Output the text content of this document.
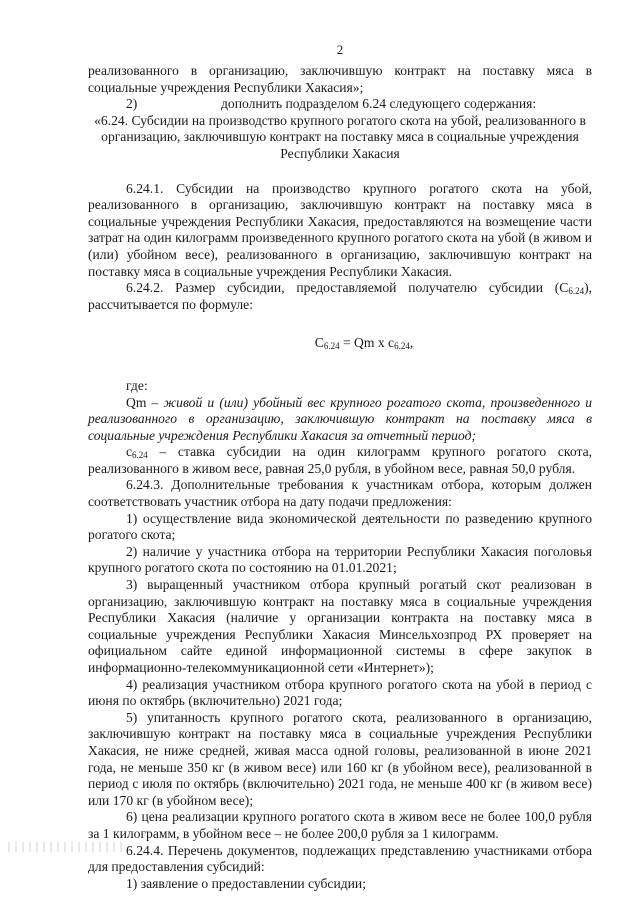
2

реализованного в организацию, заключившую контракт на поставку мяса в социальные учреждения Республики Хакасия»;

2)	дополнить подразделом 6.24 следующего содержания:

«6.24. Субсидии на производство крупного рогатого скота на убой, реализованного в организацию, заключившую контракт на поставку мяса в социальные учреждения Республики Хакасия

6.24.1. Субсидии на производство крупного рогатого скота на убой, реализованного в организацию, заключившую контракт на поставку мяса в социальные учреждения Республики Хакасия, предоставляются на возмещение части затрат на один килограмм произведенного крупного рогатого скота на убой (в живом и (или) убойном весе), реализованного в организацию, заключившую контракт на поставку мяса в социальные учреждения Республики Хакасия.

6.24.2. Размер субсидии, предоставляемой получателю субсидии $(С_{6.24})$, рассчитывается по формуле:

$С_{6.24} = Qm$ x $c_{6.24}$,

где:

Qm – живой и (или) убойный вес крупного рогатого скота, произведенного и реализованного в организацию, заключившую контракт на поставку мяса в социальные учреждения Республики Хакасия за отчетный период;

$с_{6.24}$ – ставка субсидии на один килограмм крупного рогатого скота, реализованного в живом весе, равная 25,0 рубля, в убойном весе, равная 50,0 рубля.

6.24.3. Дополнительные требования к участникам отбора, которым должен соответствовать участник отбора на дату подачи предложения:

1) осуществление вида экономической деятельности по разведению крупного рогатого скота;

2) наличие у участника отбора на территории Республики Хакасия поголовья крупного рогатого скота по состоянию на 01.01.2021;

3) выращенный участником отбора крупный рогатый скот реализован в организацию, заключившую контракт на поставку мяса в социальные учреждения Республики Хакасия (наличие у организации контракта на поставку мяса в социальные учреждения Республики Хакасия Минсельхозпрод РХ проверяет на официальном сайте единой информационной системы в сфере закупок в информационно-телекоммуникационной сети «Интернет»);

4) реализация участником отбора крупного рогатого скота на убой в период с июня по октябрь (включительно) 2021 года;

5) упитанность крупного рогатого скота, реализованного в организацию, заключившую контракт на поставку мяса в социальные учреждения Республики Хакасия, не ниже средней, живая масса одной головы, реализованной в июне 2021 года, не меньше 350 кг (в живом весе) или 160 кг (в убойном весе), реализованной в период с июля по октябрь (включительно) 2021 года, не меньше 400 кг (в живом весе) или 170 кг (в убойном весе);

6) цена реализации крупного рогатого скота в живом весе не более 100,0 рубля за 1 килограмм, в убойном весе – не более 200,0 рубля за 1 килограмм.

6.24.4. Перечень документов, подлежащих представлению участниками отбора для предоставления субсидий:

1) заявление о предоставлении субсидии;
